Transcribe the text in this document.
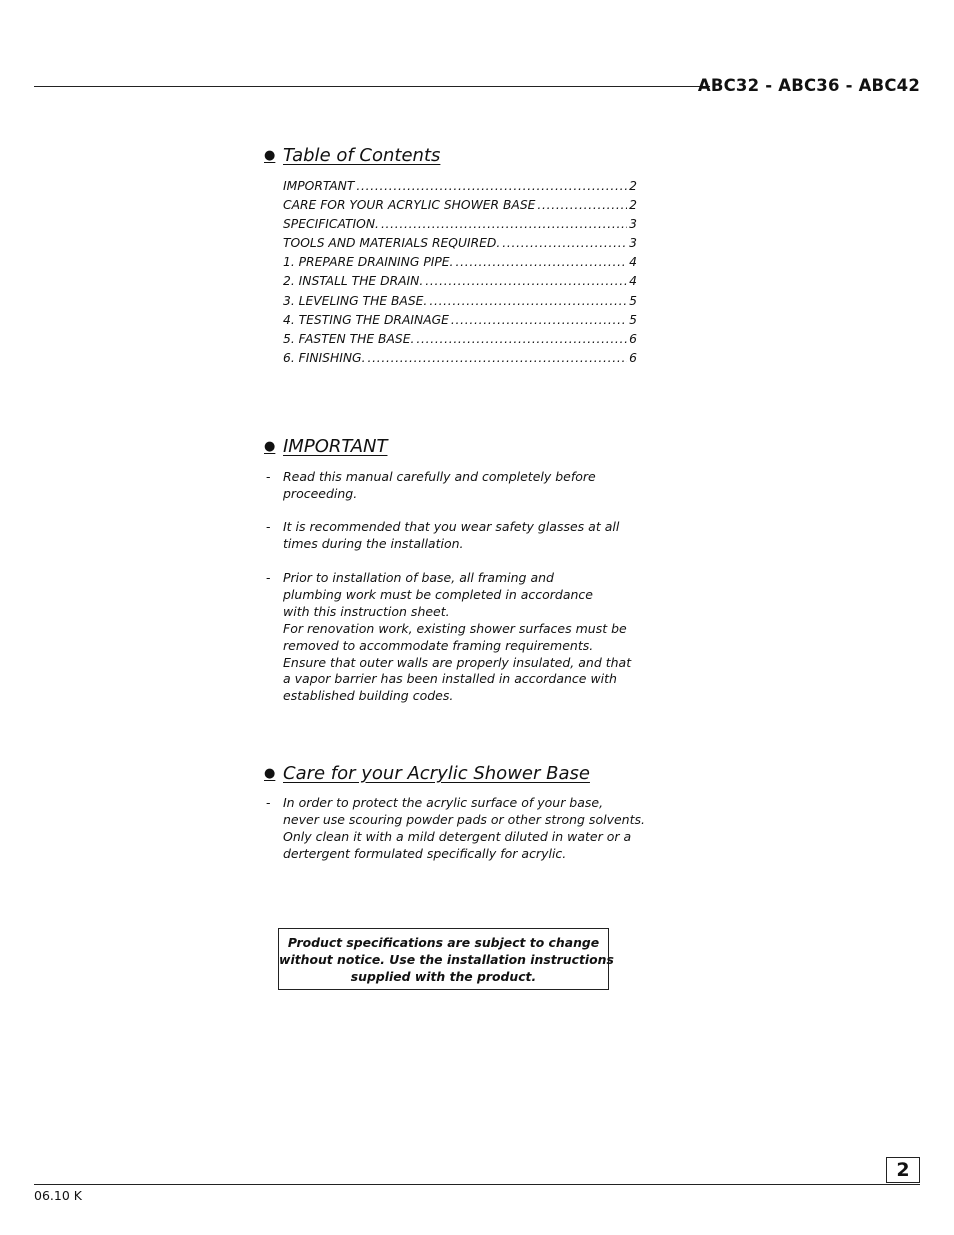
ABC32 - ABC36 - ABC42
● Table of Contents
IMPORTANT . . .	2
CARE FOR YOUR ACRYLIC SHOWER BASE . . .	2
SPECIFICATION. . . .	3
TOOLS AND MATERIALS REQUIRED. . . .	3
1. PREPARE DRAINING PIPE. . . .	4
2. INSTALL THE DRAIN. . . .	4
3. LEVELING THE BASE. . . .	5
4. TESTING THE DRAINAGE . . .	5
5. FASTEN THE BASE. . . .	6
6. FINISHING. . . .	6
● IMPORTANT
- Read this manual carefully and completely before
proceeding.
- It is recommended that you wear safety glasses at all
times during the installation.
- Prior to installation of base, all framing and
plumbing work must be completed in accordance
with this instruction sheet.
For renovation work, existing shower surfaces must be
removed to accommodate framing requirements.
Ensure that outer walls are properly insulated, and that
a vapor barrier has been installed in accordance with
established building codes.
● Care for your Acrylic Shower Base
- In order to protect the acrylic surface of your base,
never use scouring powder pads or other strong solvents.
Only clean it with a mild detergent diluted in water or a
dertergent formulated specifically for acrylic.
Product specifications are subject to change
without notice. Use the installation instructions
supplied with the product.
2
06.10 K
